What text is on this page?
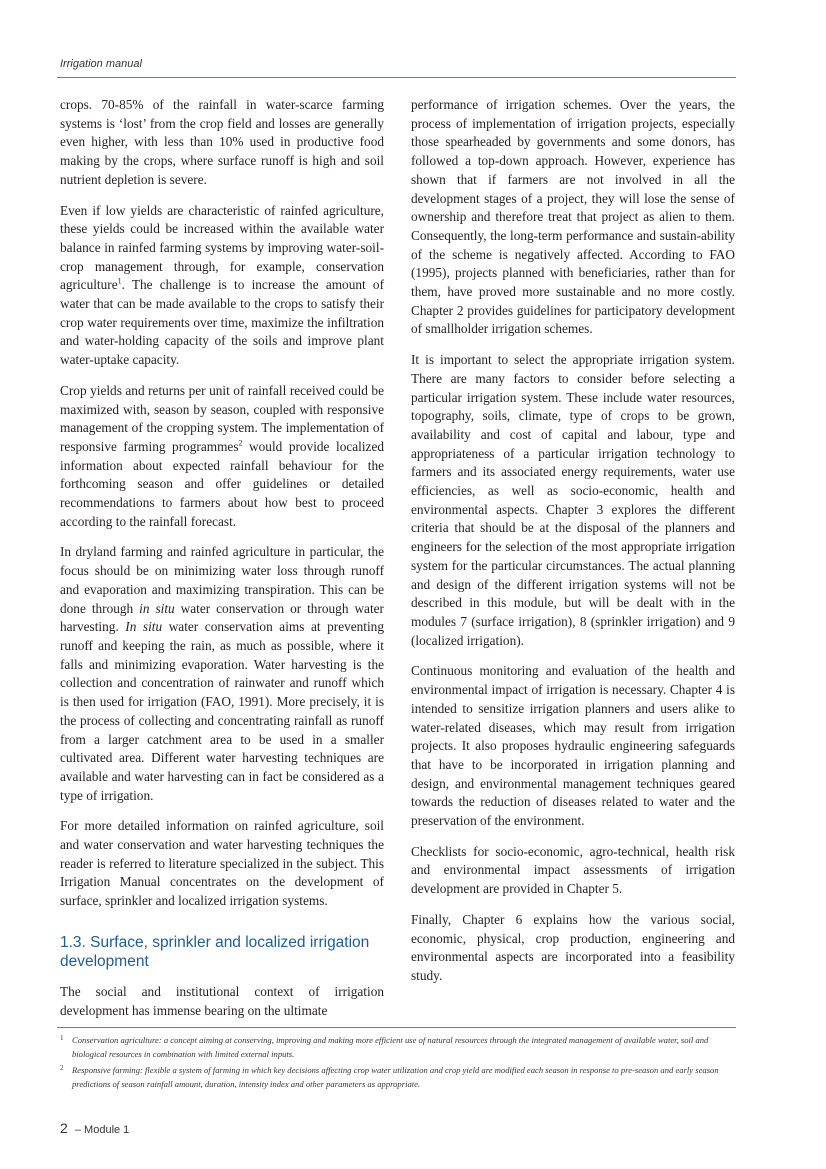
Irrigation manual

crops. 70-85% of the rainfall in water-scarce farming systems is ‘lost’ from the crop field and losses are generally even higher, with less than 10% used in productive food making by the crops, where surface runoff is high and soil nutrient depletion is severe.

Even if low yields are characteristic of rainfed agriculture, these yields could be increased within the available water balance in rainfed farming systems by improving water-soil-crop management through, for example, conservation agriculture$^1$. The challenge is to increase the amount of water that can be made available to the crops to satisfy their crop water requirements over time, maximize the infiltration and water-holding capacity of the soils and improve plant water-uptake capacity.

Crop yields and returns per unit of rainfall received could be maximized with, season by season, coupled with responsive management of the cropping system. The implementation of responsive farming programmes$^2$ would provide localized information about expected rainfall behaviour for the forthcoming season and offer guidelines or detailed recommendations to farmers about how best to proceed according to the rainfall forecast.

In dryland farming and rainfed agriculture in particular, the focus should be on minimizing water loss through runoff and evaporation and maximizing transpiration. This can be done through in situ water conservation or through water harvesting. In situ water conservation aims at preventing runoff and keeping the rain, as much as possible, where it falls and minimizing evaporation. Water harvesting is the collection and concentration of rainwater and runoff which is then used for irrigation (FAO, 1991). More precisely, it is the process of collecting and concentrating rainfall as runoff from a larger catchment area to be used in a smaller cultivated area. Different water harvesting techniques are available and water harvesting can in fact be considered as a type of irrigation.

For more detailed information on rainfed agriculture, soil and water conservation and water harvesting techniques the reader is referred to literature specialized in the subject. This Irrigation Manual concentrates on the development of surface, sprinkler and localized irrigation systems.

1.3. Surface, sprinkler and localized irrigation development

The social and institutional context of irrigation development has immense bearing on the ultimate

performance of irrigation schemes. Over the years, the process of implementation of irrigation projects, especially those spearheaded by governments and some donors, has followed a top-down approach. However, experience has shown that if farmers are not involved in all the development stages of a project, they will lose the sense of ownership and therefore treat that project as alien to them. Consequently, the long-term performance and sustain-ability of the scheme is negatively affected. According to FAO (1995), projects planned with beneficiaries, rather than for them, have proved more sustainable and no more costly. Chapter 2 provides guidelines for participatory development of smallholder irrigation schemes.

It is important to select the appropriate irrigation system. There are many factors to consider before selecting a particular irrigation system. These include water resources, topography, soils, climate, type of crops to be grown, availability and cost of capital and labour, type and appropriateness of a particular irrigation technology to farmers and its associated energy requirements, water use efficiencies, as well as socio-economic, health and environmental aspects. Chapter 3 explores the different criteria that should be at the disposal of the planners and engineers for the selection of the most appropriate irrigation system for the particular circumstances. The actual planning and design of the different irrigation systems will not be described in this module, but will be dealt with in the modules 7 (surface irrigation), 8 (sprinkler irrigation) and 9 (localized irrigation).

Continuous monitoring and evaluation of the health and environmental impact of irrigation is necessary. Chapter 4 is intended to sensitize irrigation planners and users alike to water-related diseases, which may result from irrigation projects. It also proposes hydraulic engineering safeguards that have to be incorporated in irrigation planning and design, and environmental management techniques geared towards the reduction of diseases related to water and the preservation of the environment.

Checklists for socio-economic, agro-technical, health risk and environmental impact assessments of irrigation development are provided in Chapter 5.

Finally, Chapter 6 explains how the various social, economic, physical, crop production, engineering and environmental aspects are incorporated into a feasibility study.

1 Conservation agriculture: a concept aiming at conserving, improving and making more efficient use of natural resources through the integrated management of available water, soil and biological resources in combination with limited external inputs.
2 Responsive farming: flexible a system of farming in which key decisions affecting crop water utilization and crop yield are modified each season in response to pre-season and early season predictions of season rainfall amount, duration, intensity index and other parameters as appropriate.
2 – Module 1
